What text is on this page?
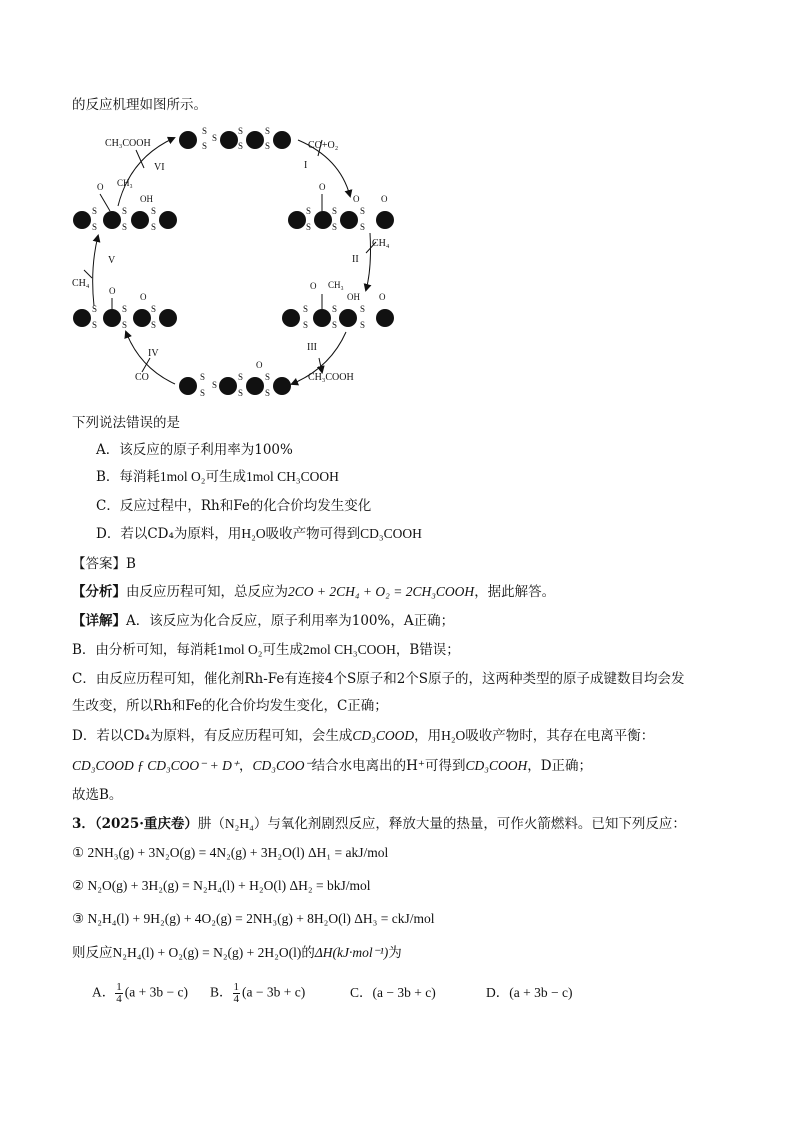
的反应机理如图所示。
S
S
S
S
S
S
S
S
S
S
S
S
S
O
O O
S
S
S
S
S
S
O CH₃
OH O
S
S
S
S
S
S
S
O
S
S
S
S
S
S
O
O
S
S
S
S
S
S
O CH₃
OH
CH₃COOH
VI
CO+O₂
I
CH₄
II
III
CH₃COOH
IV
CO
CH₄
V
下列说法错误的是
A．该反应的原子利用率为100%
B．每消耗1mol O₂可生成1mol CH₃COOH
C．反应过程中，Rh和Fe的化合价均发生变化
D．若以CD₄为原料，用H₂O吸收产物可得到CD₃COOH
【答案】B
【分析】由反应历程可知，总反应为2CO + 2CH₄ + O₂ = 2CH₃COOH，据此解答。
【详解】A．该反应为化合反应，原子利用率为100%，A正确；
B．由分析可知，每消耗1mol O₂可生成2mol CH₃COOH，B错误；
C．由反应历程可知，催化剂Rh-Fe有连接4个S原子和2个S原子的，这两种类型的原子成键数目均会发
生改变，所以Rh和Fe的化合价均发生变化，C正确；
D．若以CD₄为原料，有反应历程可知，会生成CD₃COOD，用H₂O吸收产物时，其存在电离平衡：
CD₃COOD ƒ CD₃COO⁻ + D⁺，CD₃COO⁻结合水电离出的H⁺可得到CD₃COOH，D正确；
故选B。
3．（2025·重庆卷）肼（N₂H₄）与氧化剂剧烈反应，释放大量的热量，可作火箭燃料。已知下列反应：
① 2NH₃(g) + 3N₂O(g) = 4N₂(g) + 3H₂O(l) ΔH₁ = akJ/mol
② N₂O(g) + 3H₂(g) = N₂H₄(l) + H₂O(l) ΔH₂ = bkJ/mol
③ N₂H₄(l) + 9H₂(g) + 4O₂(g) = 2NH₃(g) + 8H₂O(l) ΔH₃ = ckJ/mol
则反应N₂H₄(l) + O₂(g) = N₂(g) + 2H₂O(l)的ΔH(kJ·mol⁻¹)为
A． $\frac{1}{4} (a + 3b - c)$ B． $\frac{1}{4} (a - 3b + c)$	C．(a − 3b + c)	D．(a + 3b − c)
